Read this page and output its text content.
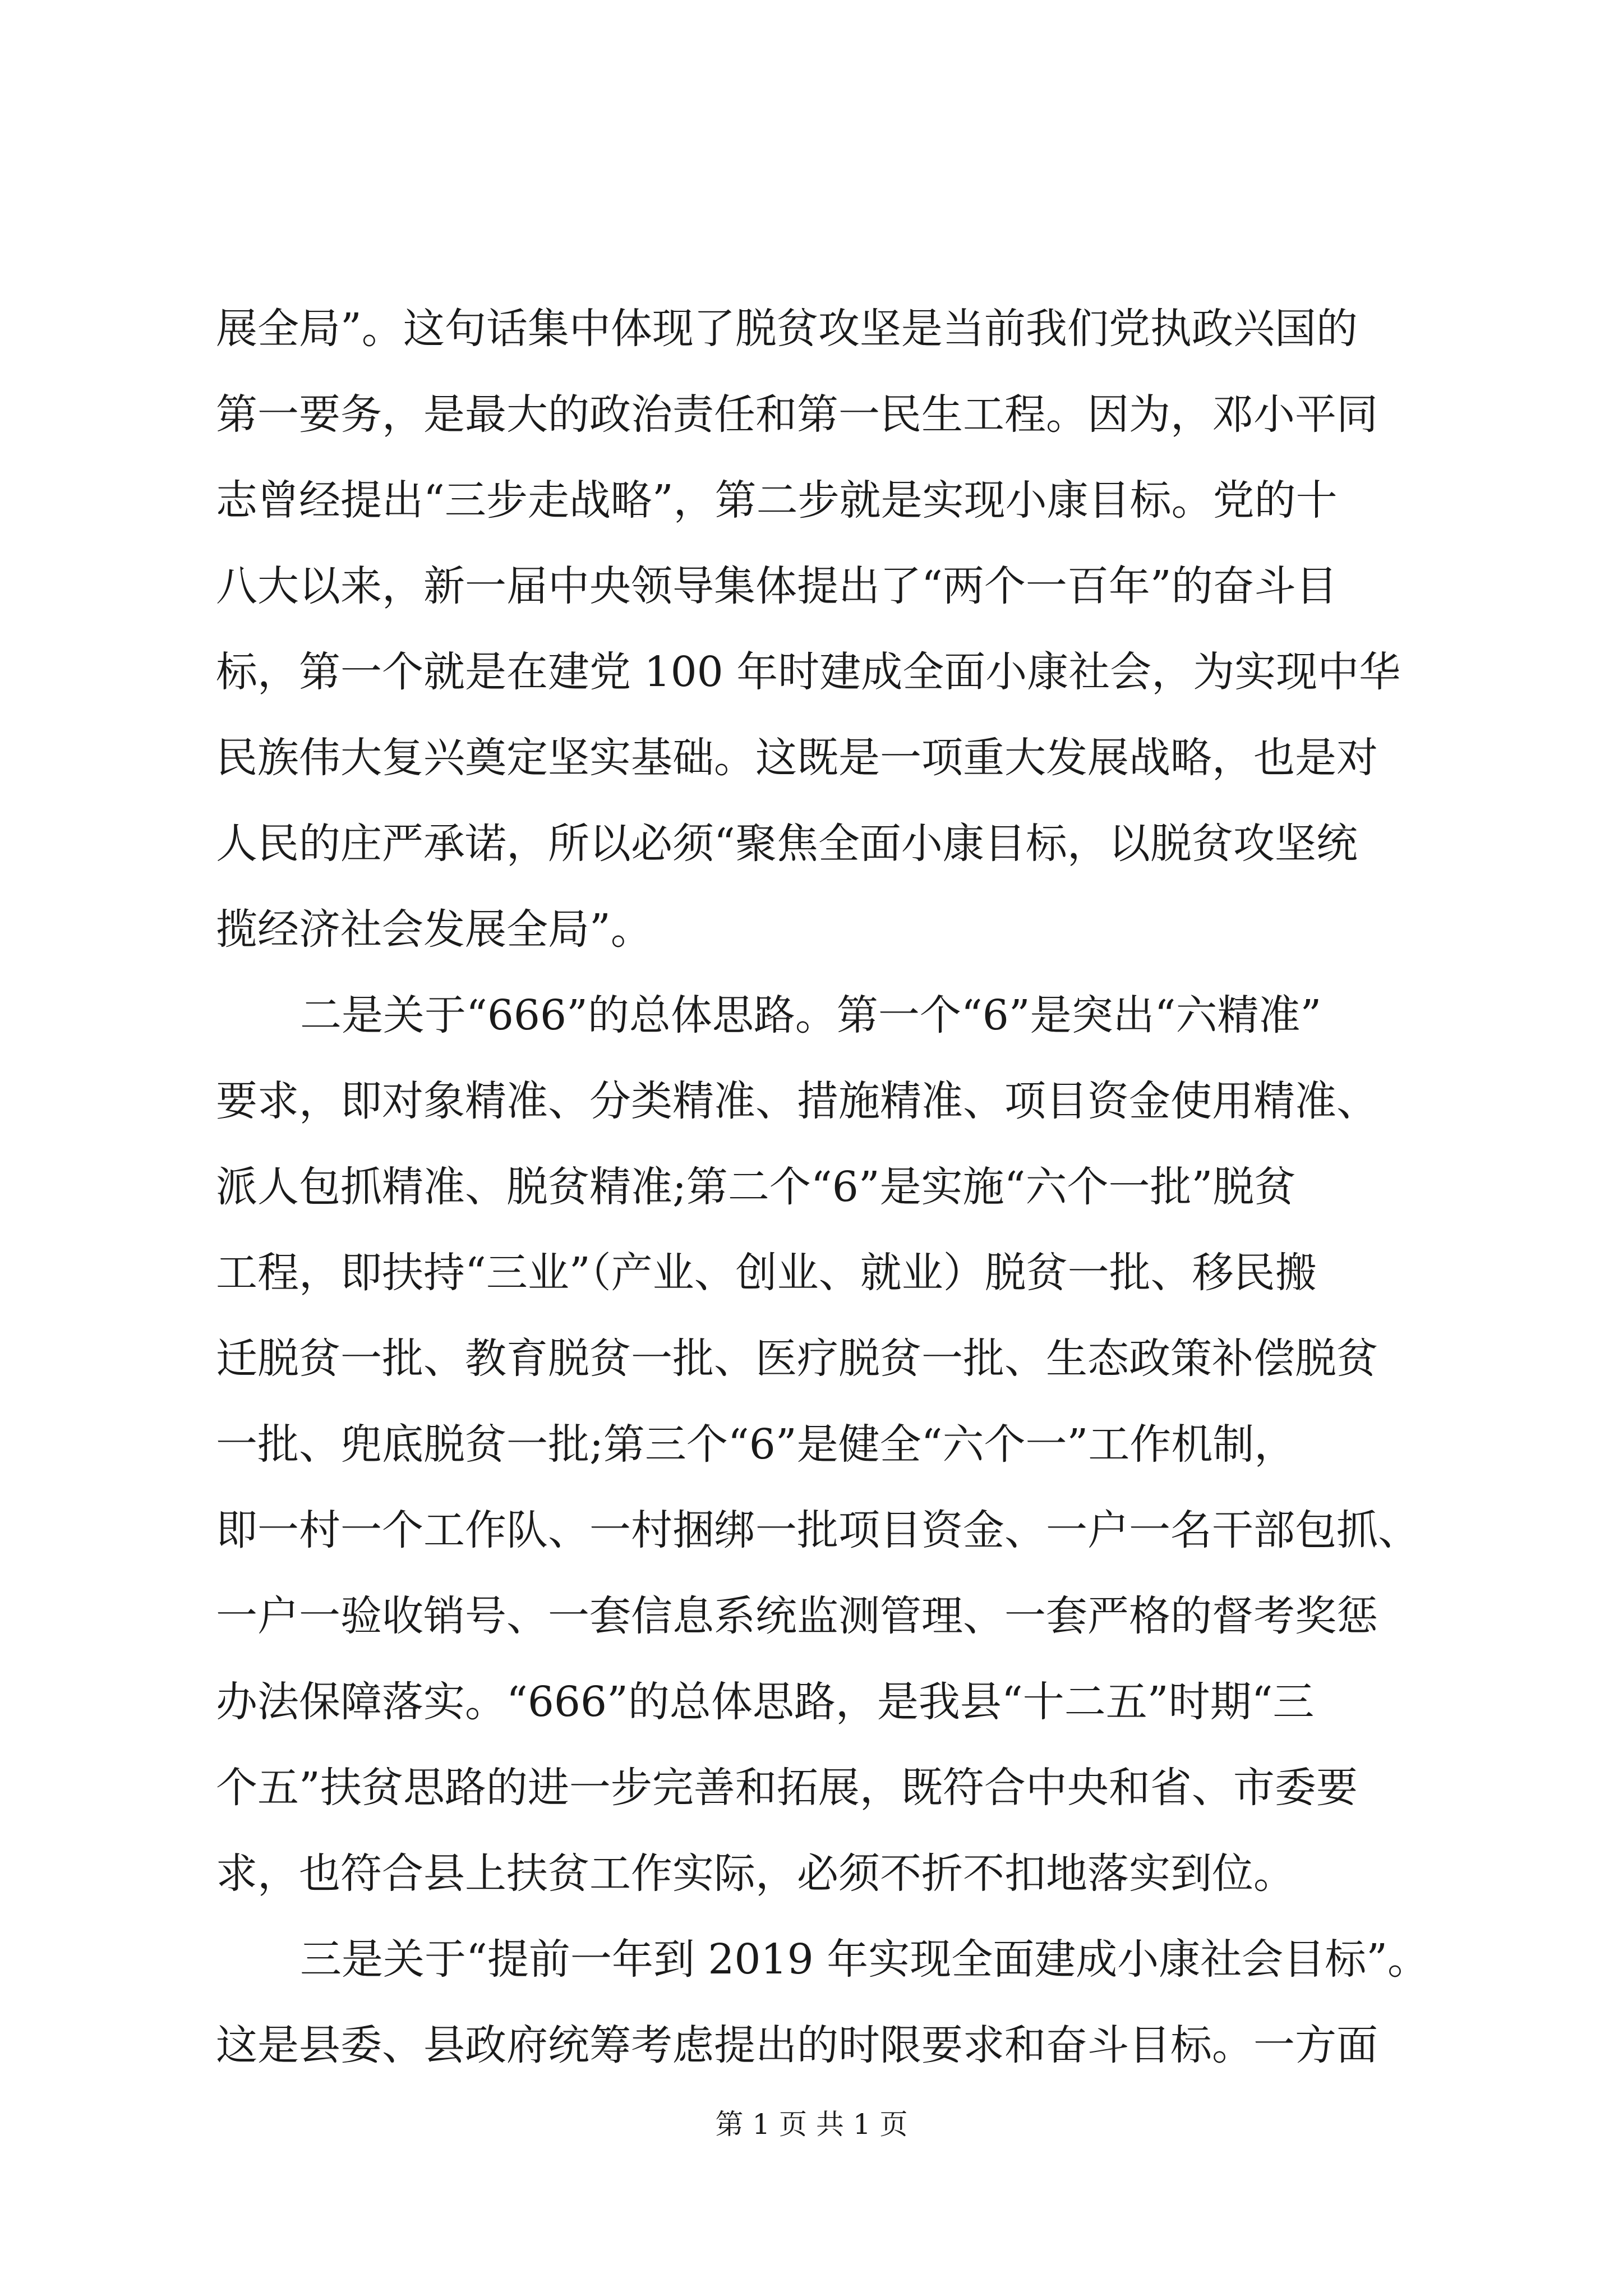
展全局”。这句话集中体现了脱贫攻坚是当前我们党执政兴国的
第一要务，是最大的政治责任和第一民生工程。因为，邓小平同
志曾经提出“三步走战略”，第二步就是实现小康目标。党的十
八大以来，新一届中央领导集体提出了“两个一百年”的奋斗目
标，第一个就是在建党 100 年时建成全面小康社会，为实现中华
民族伟大复兴奠定坚实基础。这既是一项重大发展战略，也是对
人民的庄严承诺，所以必须“聚焦全面小康目标，以脱贫攻坚统
揽经济社会发展全局”。
二是关于“666”的总体思路。第一个“6”是突出“六精准”
要求，即对象精准、分类精准、措施精准、项目资金使用精准、
派人包抓精准、脱贫精准;第二个“6”是实施“六个一批”脱贫
工程，即扶持“三业”（产业、创业、就业）脱贫一批、移民搬
迁脱贫一批、教育脱贫一批、医疗脱贫一批、生态政策补偿脱贫
一批、兜底脱贫一批;第三个“6”是健全“六个一”工作机制，
即一村一个工作队、一村捆绑一批项目资金、一户一名干部包抓、
一户一验收销号、一套信息系统监测管理、一套严格的督考奖惩
办法保障落实。“666”的总体思路，是我县“十二五”时期“三
个五”扶贫思路的进一步完善和拓展，既符合中央和省、市委要
求，也符合县上扶贫工作实际，必须不折不扣地落实到位。
三是关于“提前一年到 2019 年实现全面建成小康社会目标”。
这是县委、县政府统筹考虑提出的时限要求和奋斗目标。一方面
第 1 页 共 1 页
